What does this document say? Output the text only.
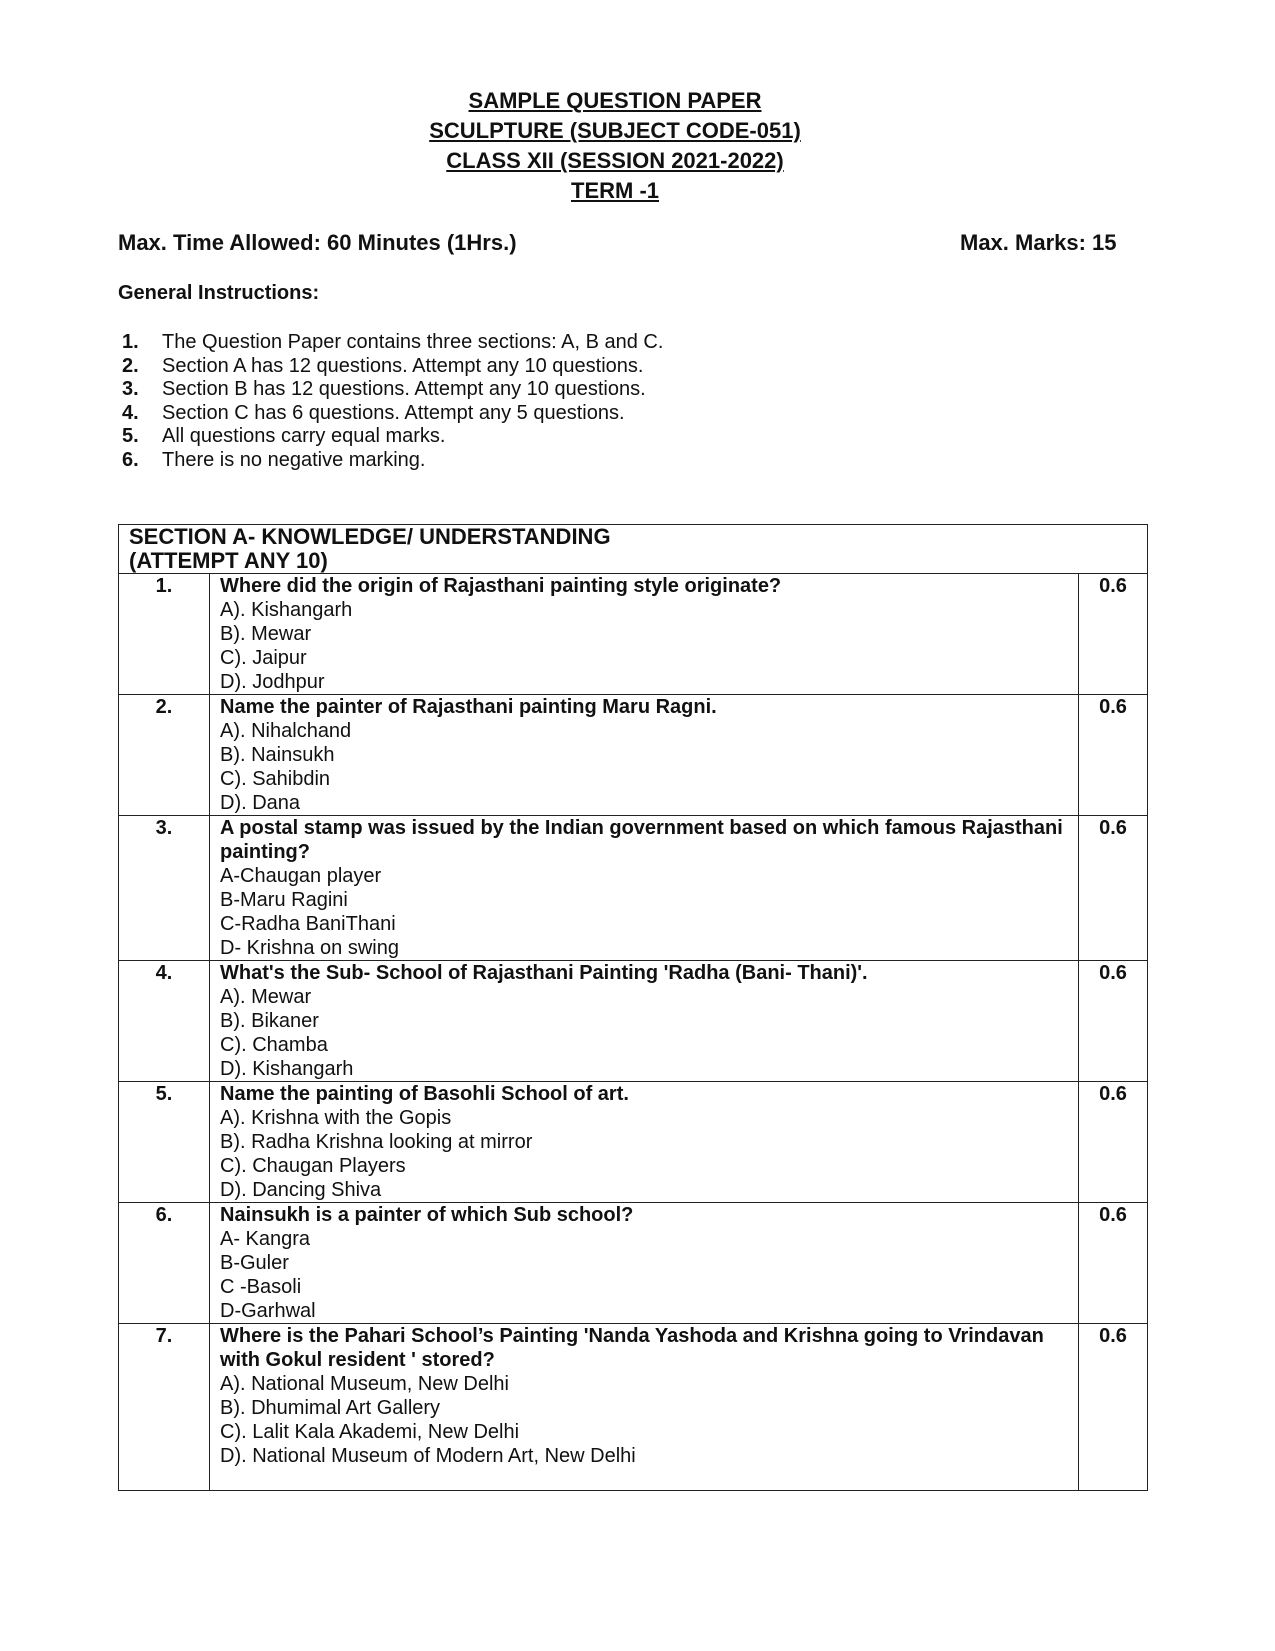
SAMPLE QUESTION PAPER
SCULPTURE (SUBJECT CODE-051)
CLASS XII (SESSION 2021-2022)
TERM -1
Max. Time Allowed: 60 Minutes (1Hrs.)	Max. Marks: 15
General Instructions:
1.	The Question Paper contains three sections: A, B and C.
2.	Section A has 12 questions. Attempt any 10 questions.
3.	Section B has 12 questions. Attempt any 10 questions.
4.	Section C has 6 questions. Attempt any 5 questions.
5.	All questions carry equal marks.
6.	There is no negative marking.
SECTION A- KNOWLEDGE/ UNDERSTANDING
(ATTEMPT ANY 10)		

1.	Where did the origin of Rajasthani painting style originate?
A). Kishangarh
B). Mewar
C). Jaipur
D). Jodhpur	0.6
2.	Name the painter of Rajasthani painting Maru Ragni.
A). Nihalchand
B). Nainsukh
C). Sahibdin
D). Dana	0.6
3.	A postal stamp was issued by the Indian government based on which famous Rajasthani painting?
A-Chaugan player
B-Maru Ragini
C-Radha BaniThani
D- Krishna on swing	0.6
4.	What's the Sub- School of Rajasthani Painting 'Radha (Bani- Thani)'.
A). Mewar
B). Bikaner
C). Chamba
D). Kishangarh	0.6
5.	Name the painting of Basohli School of art.
A). Krishna with the Gopis
B). Radha Krishna looking at mirror
C). Chaugan Players
D). Dancing Shiva	0.6
6.	Nainsukh is a painter of which Sub school?
A- Kangra
B-Guler
C -Basoli
D-Garhwal	0.6
7.	Where is the Pahari School’s Painting 'Nanda Yashoda and Krishna going to Vrindavan with Gokul resident ' stored?
A). National Museum, New Delhi
B). Dhumimal Art Gallery
C). Lalit Kala Akademi, New Delhi
D). National Museum of Modern Art, New Delhi	0.6
